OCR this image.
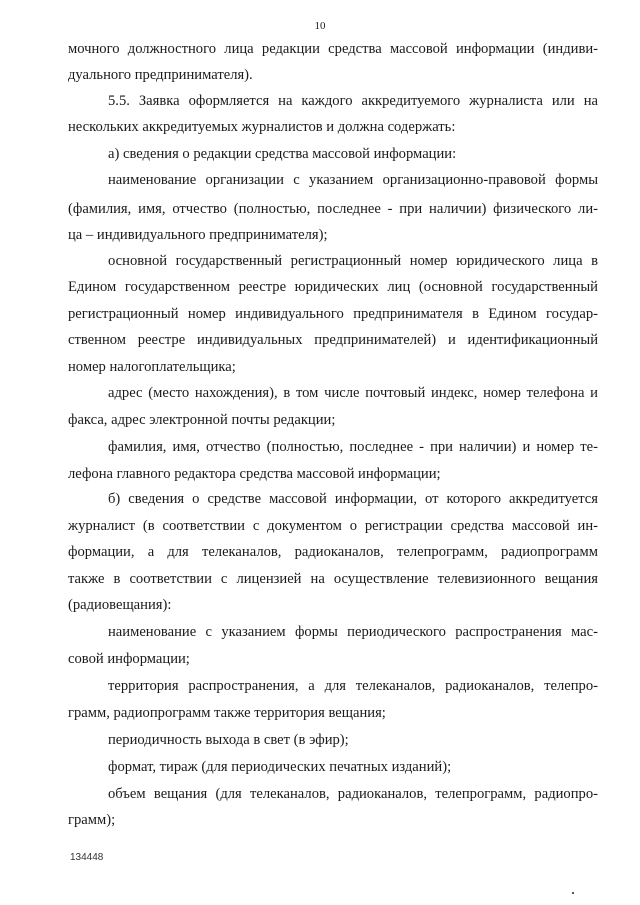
10
мочного должностного лица редакции средства массовой информации (индиви-
дуального предпринимателя).
5.5. Заявка оформляется на каждого аккредитуемого журналиста или на
нескольких аккредитуемых журналистов и должна содержать:
а) сведения о редакции средства массовой информации:
наименование организации с указанием организационно-правовой формы
(фамилия, имя, отчество (полностью, последнее - при наличии) физического ли-
ца – индивидуального предпринимателя);
основной государственный регистрационный номер юридического лица в
Едином государственном реестре юридических лиц (основной государственный
регистрационный номер индивидуального предпринимателя в Едином государ-
ственном реестре индивидуальных предпринимателей) и идентификационный
номер налогоплательщика;
адрес (место нахождения), в том числе почтовый индекс, номер телефона и
факса, адрес электронной почты редакции;
фамилия, имя, отчество (полностью, последнее - при наличии) и номер те-
лефона главного редактора средства массовой информации;
б) сведения о средстве массовой информации, от которого аккредитуется
журналист (в соответствии с документом о регистрации средства массовой ин-
формации, а для телеканалов, радиоканалов, телепрограмм, радиопрограмм
также в соответствии с лицензией на осуществление телевизионного вещания
(радиовещания):
наименование с указанием формы периодического распространения мас-
совой информации;
территория распространения, а для телеканалов, радиоканалов, телепро-
грамм, радиопрограмм также территория вещания;
периодичность выхода в свет (в эфир);
формат, тираж (для периодических печатных изданий);
объем вещания (для телеканалов, радиоканалов, телепрограмм, радиопро-
грамм);
134448
